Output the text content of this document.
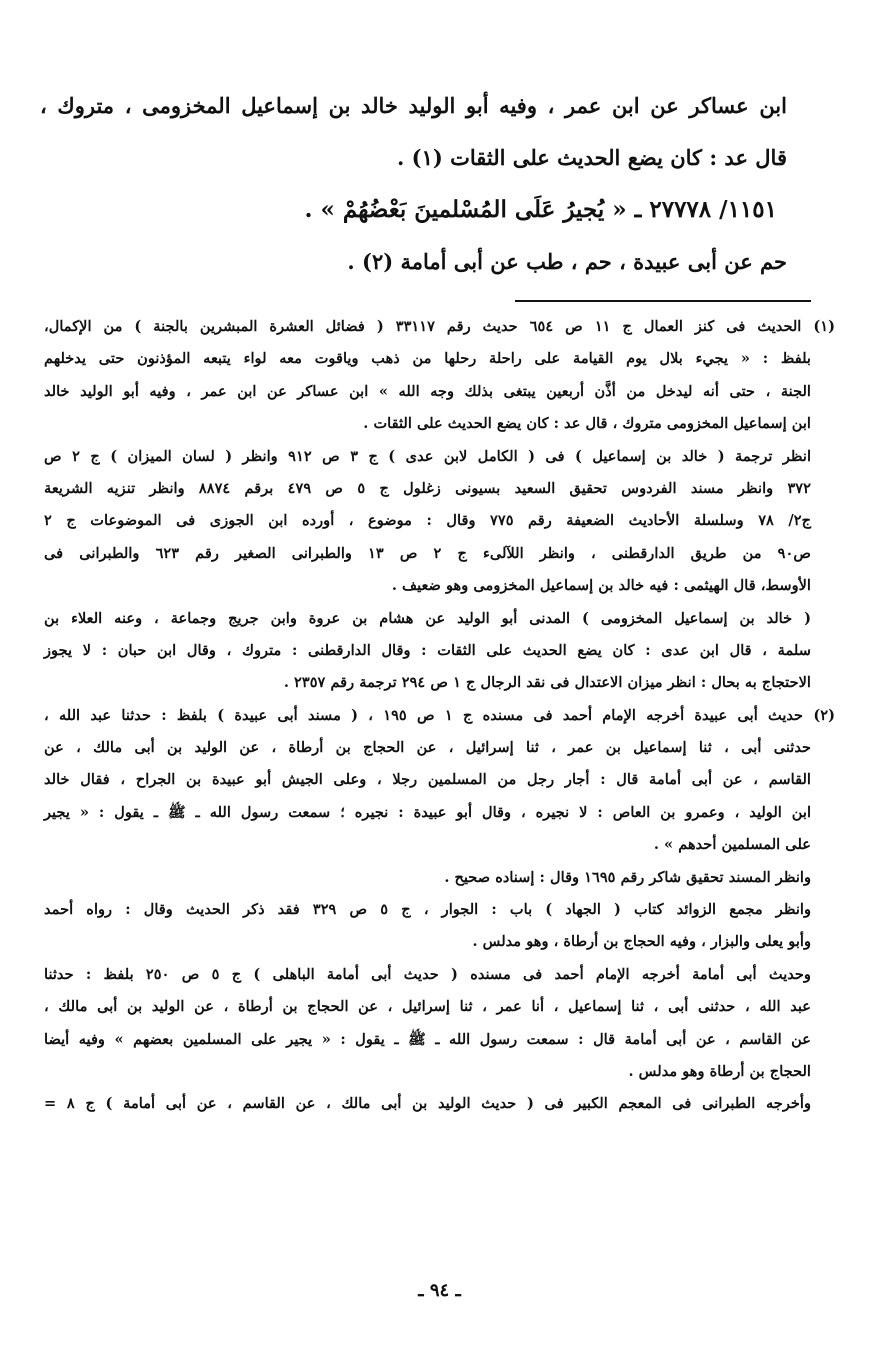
ابن عساكر عن ابن عمر ، وفيه أبو الوليد خالد بن إسماعيل المخزومى ، متروك ،
قال عد : كان يضع الحديث على الثقات (١) .
١١٥١/ ٢٧٧٧٨ ـ « يُجيرُ عَلَى المُسْلمينَ بَعْضُهُمْ » .
حم عن أبى عبيدة ، حم ، طب عن أبى أمامة (٢) .
(١) الحديث فى كنز العمال ج ١١ ص ٦٥٤ حديث رقم ٣٣١١٧ ( فضائل العشرة المبشرين بالجنة ) من الإكمال،
بلفظ : « يجيء بلال يوم القيامة على راحلة رحلها من ذهب وياقوت معه لواء يتبعه المؤذنون حتى يدخلهم
الجنة ، حتى أنه ليدخل من أذَّن أربعين يبتغى بذلك وجه الله » ابن عساكر عن ابن عمر ، وفيه أبو الوليد خالد
ابن إسماعيل المخزومى متروك ، قال عد : كان يضع الحديث على الثقات .
انظر ترجمة ( خالد بن إسماعيل ) فى ( الكامل لابن عدى ) ج ٣ ص ٩١٢ وانظر ( لسان الميزان ) ج ٢ ص
٣٧٢ وانظر مسند الفردوس تحقيق السعيد بسيونى زغلول ج ٥ ص ٤٧٩ برقم ٨٨٧٤ وانظر تنزيه الشريعة
ج٢/ ٧٨ وسلسلة الأحاديث الضعيفة رقم ٧٧٥ وقال : موضوع ، أورده ابن الجوزى فى الموضوعات ج ٢
ص٩٠ من طريق الدارقطنى ، وانظر اللآلىء ج ٢ ص ١٣ والطبرانى الصغير رقم ٦٢٣ والطبرانى فى
الأوسط، قال الهيثمى : فيه خالد بن إسماعيل المخزومى وهو ضعيف .
( خالد بن إسماعيل المخزومى ) المدنى أبو الوليد عن هشام بن عروة وابن جريج وجماعة ، وعنه العلاء بن
سلمة ، قال ابن عدى : كان يضع الحديث على الثقات : وقال الدارقطنى : متروك ، وقال ابن حبان : لا يجوز
الاحتجاج به بحال : انظر ميزان الاعتدال فى نقد الرجال ج ١ ص ٢٩٤ ترجمة رقم ٢٣٥٧ .
(٢) حديث أبى عبيدة أخرجه الإمام أحمد فى مسنده ج ١ ص ١٩٥ ، ( مسند أبى عبيدة ) بلفظ : حدثنا عبد الله ،
حدثنى أبى ، ثنا إسماعيل بن عمر ، ثنا إسرائيل ، عن الحجاج بن أرطاة ، عن الوليد بن أبى مالك ، عن
القاسم ، عن أبى أمامة قال : أجار رجل من المسلمين رجلا ، وعلى الجيش أبو عبيدة بن الجراح ، فقال خالد
ابن الوليد ، وعمرو بن العاص : لا نجيره ، وقال أبو عبيدة : نجيره ؛ سمعت رسول الله ـ ﷺ ـ يقول : « يجير
على المسلمين أحدهم » .
وانظر المسند تحقيق شاكر رقم ١٦٩٥ وقال : إسناده صحيح .
وانظر مجمع الزوائد كتاب ( الجهاد ) باب : الجوار ، ج ٥ ص ٣٢٩ فقد ذكر الحديث وقال : رواه أحمد
وأبو يعلى والبزار ، وفيه الحجاج بن أرطاة ، وهو مدلس .
وحديث أبى أمامة أخرجه الإمام أحمد فى مسنده ( حديث أبى أمامة الباهلى ) ج ٥ ص ٢٥٠ بلفظ : حدثنا
عبد الله ، حدثنى أبى ، ثنا إسماعيل ، أنا عمر ، ثنا إسرائيل ، عن الحجاج بن أرطاة ، عن الوليد بن أبى مالك ،
عن القاسم ، عن أبى أمامة قال : سمعت رسول الله ـ ﷺ ـ يقول : « يجير على المسلمين بعضهم » وفيه أيضا
الحجاج بن أرطاة وهو مدلس .
وأخرجه الطبرانى فى المعجم الكبير فى ( حديث الوليد بن أبى مالك ، عن القاسم ، عن أبى أمامة ) ج ٨ =
ـ ٩٤ ـ
